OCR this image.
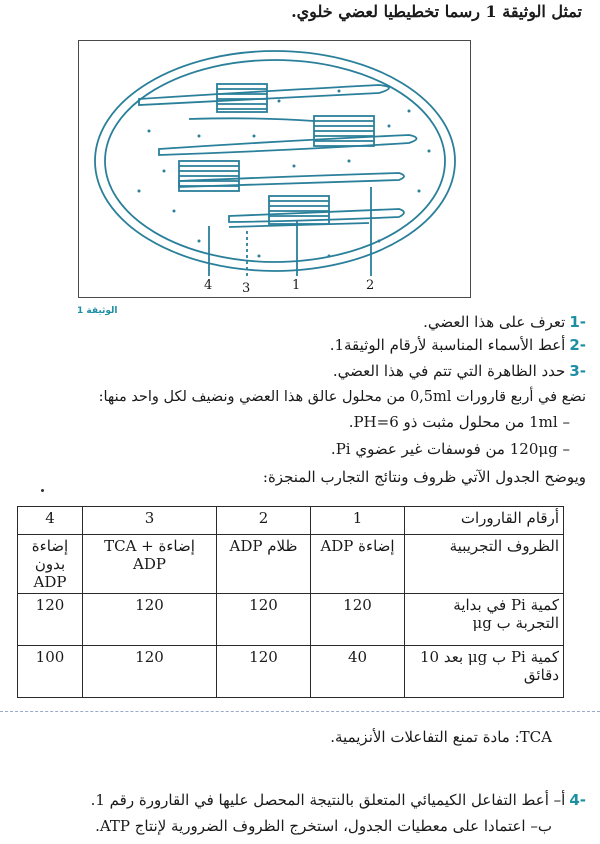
تمثل الوثيقة 1 رسما تخطيطيا لعضي خلوي.
4 3	1	2
الوثيقة 1
-1تعرف على هذا العضي.
-2أعط الأسماء المناسبة لأرقام الوثيقة1.
-3حدد الظاهرة التي تتم في هذا العضي.
نضع في أربع قارورات 0,5ml من محلول عالق هذا العضي ونضيف لكل واحد منها:
– 1ml من محلول مثبت ذو PH=6.
– 120μg من فوسفات غير عضوي Pi.
ويوضح الجدول الآتي ظروف ونتائج التجارب المنجزة:
أرقام القارورات	1	2	3	4
الظروف التجريبية	إضاءة ADP	ظلام ADP	إضاءة TCA + ADP	إضاءة بدون ADP
كمية Pi في بداية التجربة ب μg	120	120	120	120
كمية Pi ب μg بعد 10 دقائق	40	120	120	100
TCA: مادة تمنع التفاعلات الأنزيمية.
-4أ– أعط التفاعل الكيميائي المتعلق بالنتيجة المحصل عليها في القارورة رقم 1.
ب– اعتمادا على معطيات الجدول، استخرج الظروف الضرورية لإنتاج ATP.
